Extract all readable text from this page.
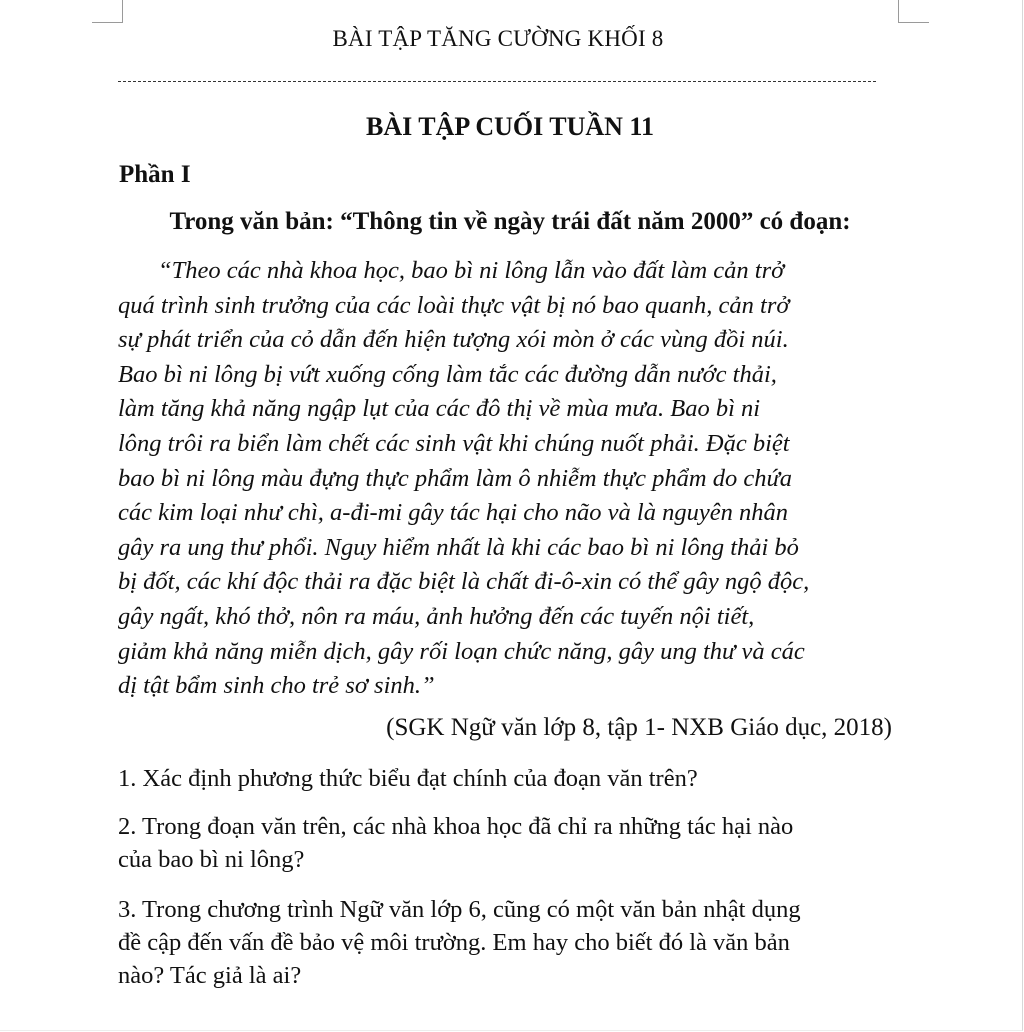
BÀI TẬP TĂNG CƯỜNG KHỐI 8
BÀI TẬP CUỐI TUẦN 11
Phần I
Trong văn bản: “Thông tin về ngày trái đất năm 2000” có đoạn:
“Theo các nhà khoa học, bao bì ni lông lẫn vào đất làm cản trở
quá trình sinh trưởng của các loài thực vật bị nó bao quanh, cản trở
sự phát triển của cỏ dẫn đến hiện tượng xói mòn ở các vùng đồi núi.
Bao bì ni lông bị vứt xuống cống làm tắc các đường dẫn nước thải,
làm tăng khả năng ngập lụt của các đô thị về mùa mưa. Bao bì ni
lông trôi ra biển làm chết các sinh vật khi chúng nuốt phải. Đặc biệt
bao bì ni lông màu đựng thực phẩm làm ô nhiễm thực phẩm do chứa
các kim loại như chì, a-đi-mi gây tác hại cho não và là nguyên nhân
gây ra ung thư phổi. Nguy hiểm nhất là khi các bao bì ni lông thải bỏ
bị đốt, các khí độc thải ra đặc biệt là chất đi-ô-xin có thể gây ngộ độc,
gây ngất, khó thở, nôn ra máu, ảnh hưởng đến các tuyến nội tiết,
giảm khả năng miễn dịch, gây rối loạn chức năng, gây ung thư và các
dị tật bẩm sinh cho trẻ sơ sinh.”
(SGK Ngữ văn lớp 8, tập 1- NXB Giáo dục, 2018)
1. Xác định phương thức biểu đạt chính của đoạn văn trên?
2. Trong đoạn văn trên, các nhà khoa học đã chỉ ra những tác hại nào
của bao bì ni lông?
3. Trong chương trình Ngữ văn lớp 6, cũng có một văn bản nhật dụng
đề cập đến vấn đề bảo vệ môi trường. Em hay cho biết đó là văn bản
nào? Tác giả là ai?
